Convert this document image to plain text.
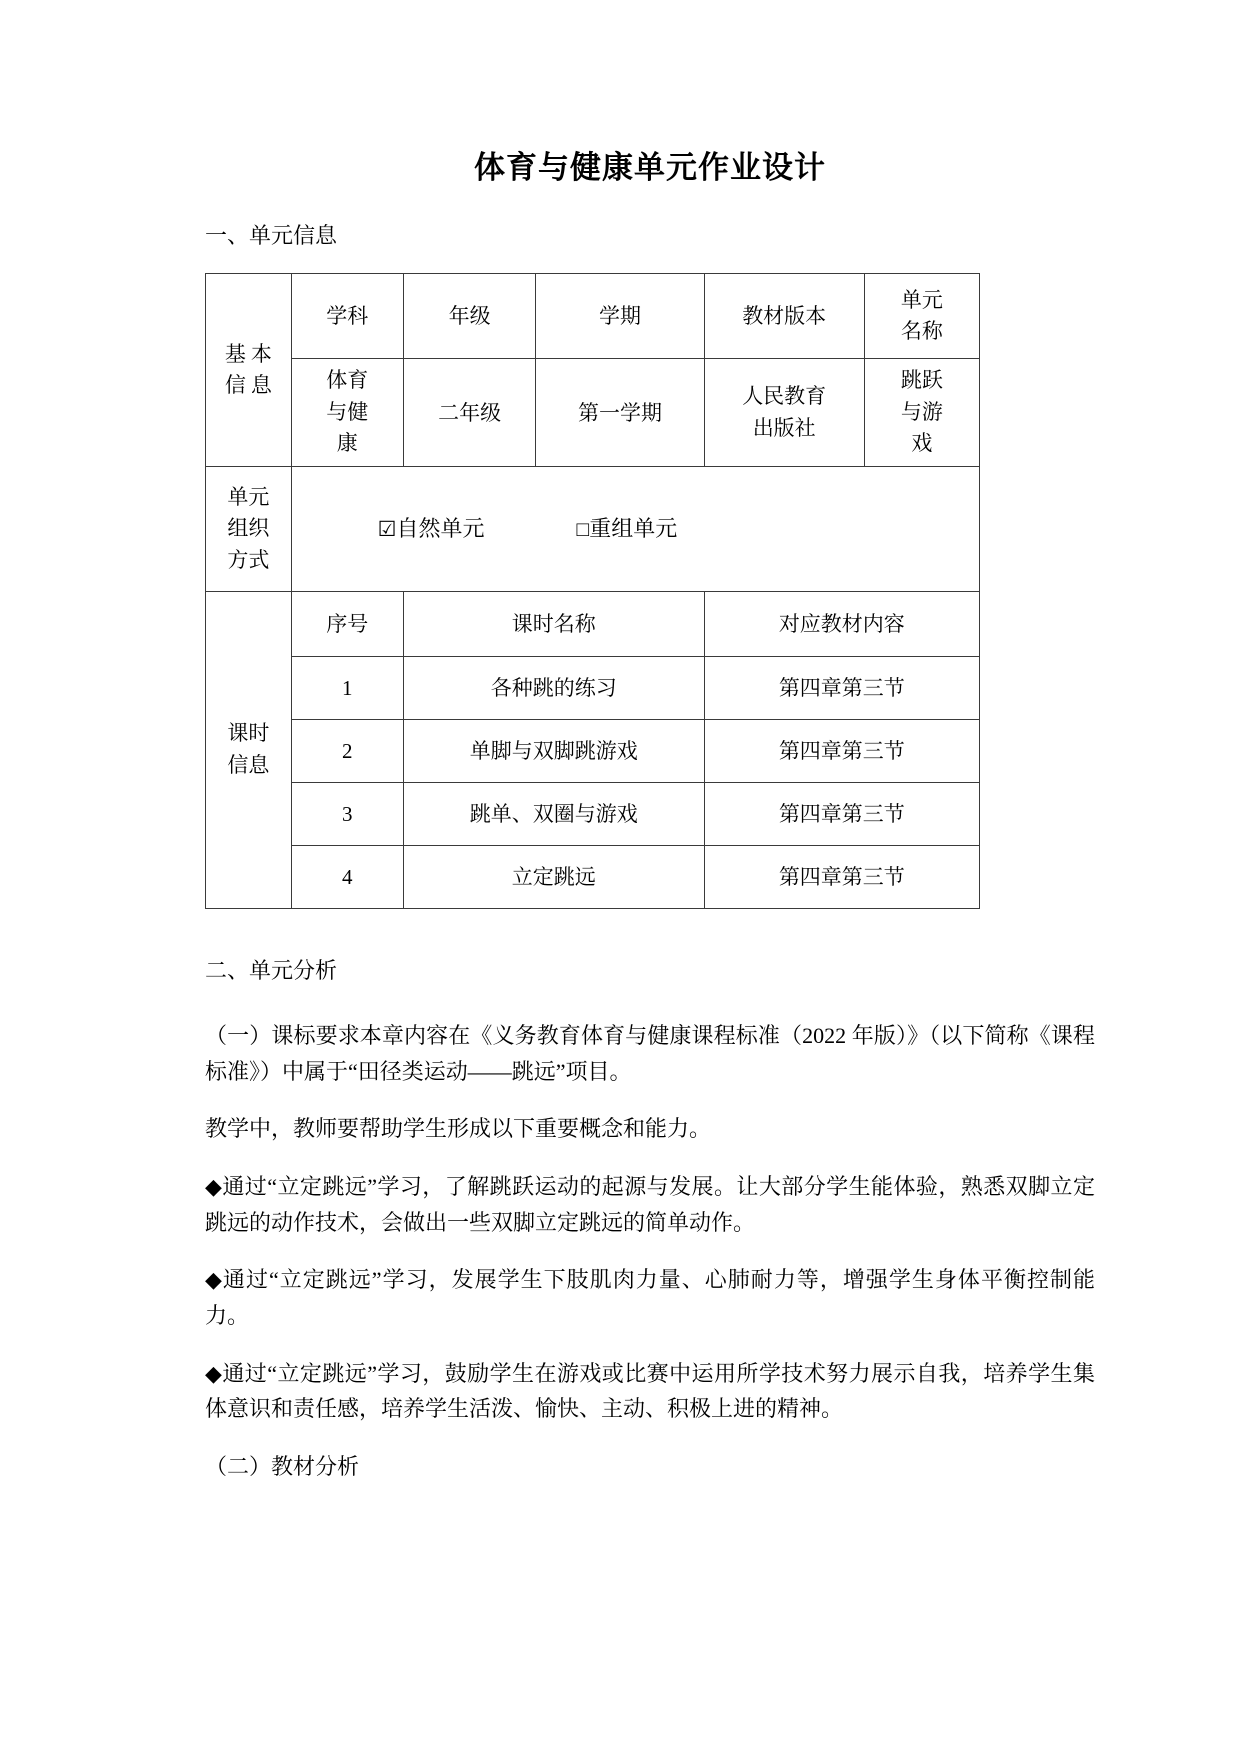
体育与健康单元作业设计
一、单元信息
基本
信息	学科	年级	学期	教材版本	单元
名称

	体育
与健
康	二年级	第一学期	人民教育
出版社	跳跃
与游
戏

单元
组织
方式	☑自然单元 □重组单元				

课时
信息	序号	课时名称		对应教材内容	
	1	各种跳的练习		第四章第三节	
	2	单脚与双脚跳游戏		第四章第三节	
	3	跳单、双圈与游戏		第四章第三节	
	4	立定跳远		第四章第三节	
二、单元分析

（一）课标要求本章内容在《义务教育体育与健康课程标准（2022 年版）》（以下简称《课程标准》）中属于“田径类运动——跳远”项目。

教学中，教师要帮助学生形成以下重要概念和能力。

◆通过“立定跳远”学习，了解跳跃运动的起源与发展。让大部分学生能体验，熟悉双脚立定跳远的动作技术，会做出一些双脚立定跳远的简单动作。

◆通过“立定跳远”学习，发展学生下肢肌肉力量、心肺耐力等，增强学生身体平衡控制能力。

◆通过“立定跳远”学习，鼓励学生在游戏或比赛中运用所学技术努力展示自我，培养学生集体意识和责任感，培养学生活泼、愉快、主动、积极上进的精神。

（二）教材分析
